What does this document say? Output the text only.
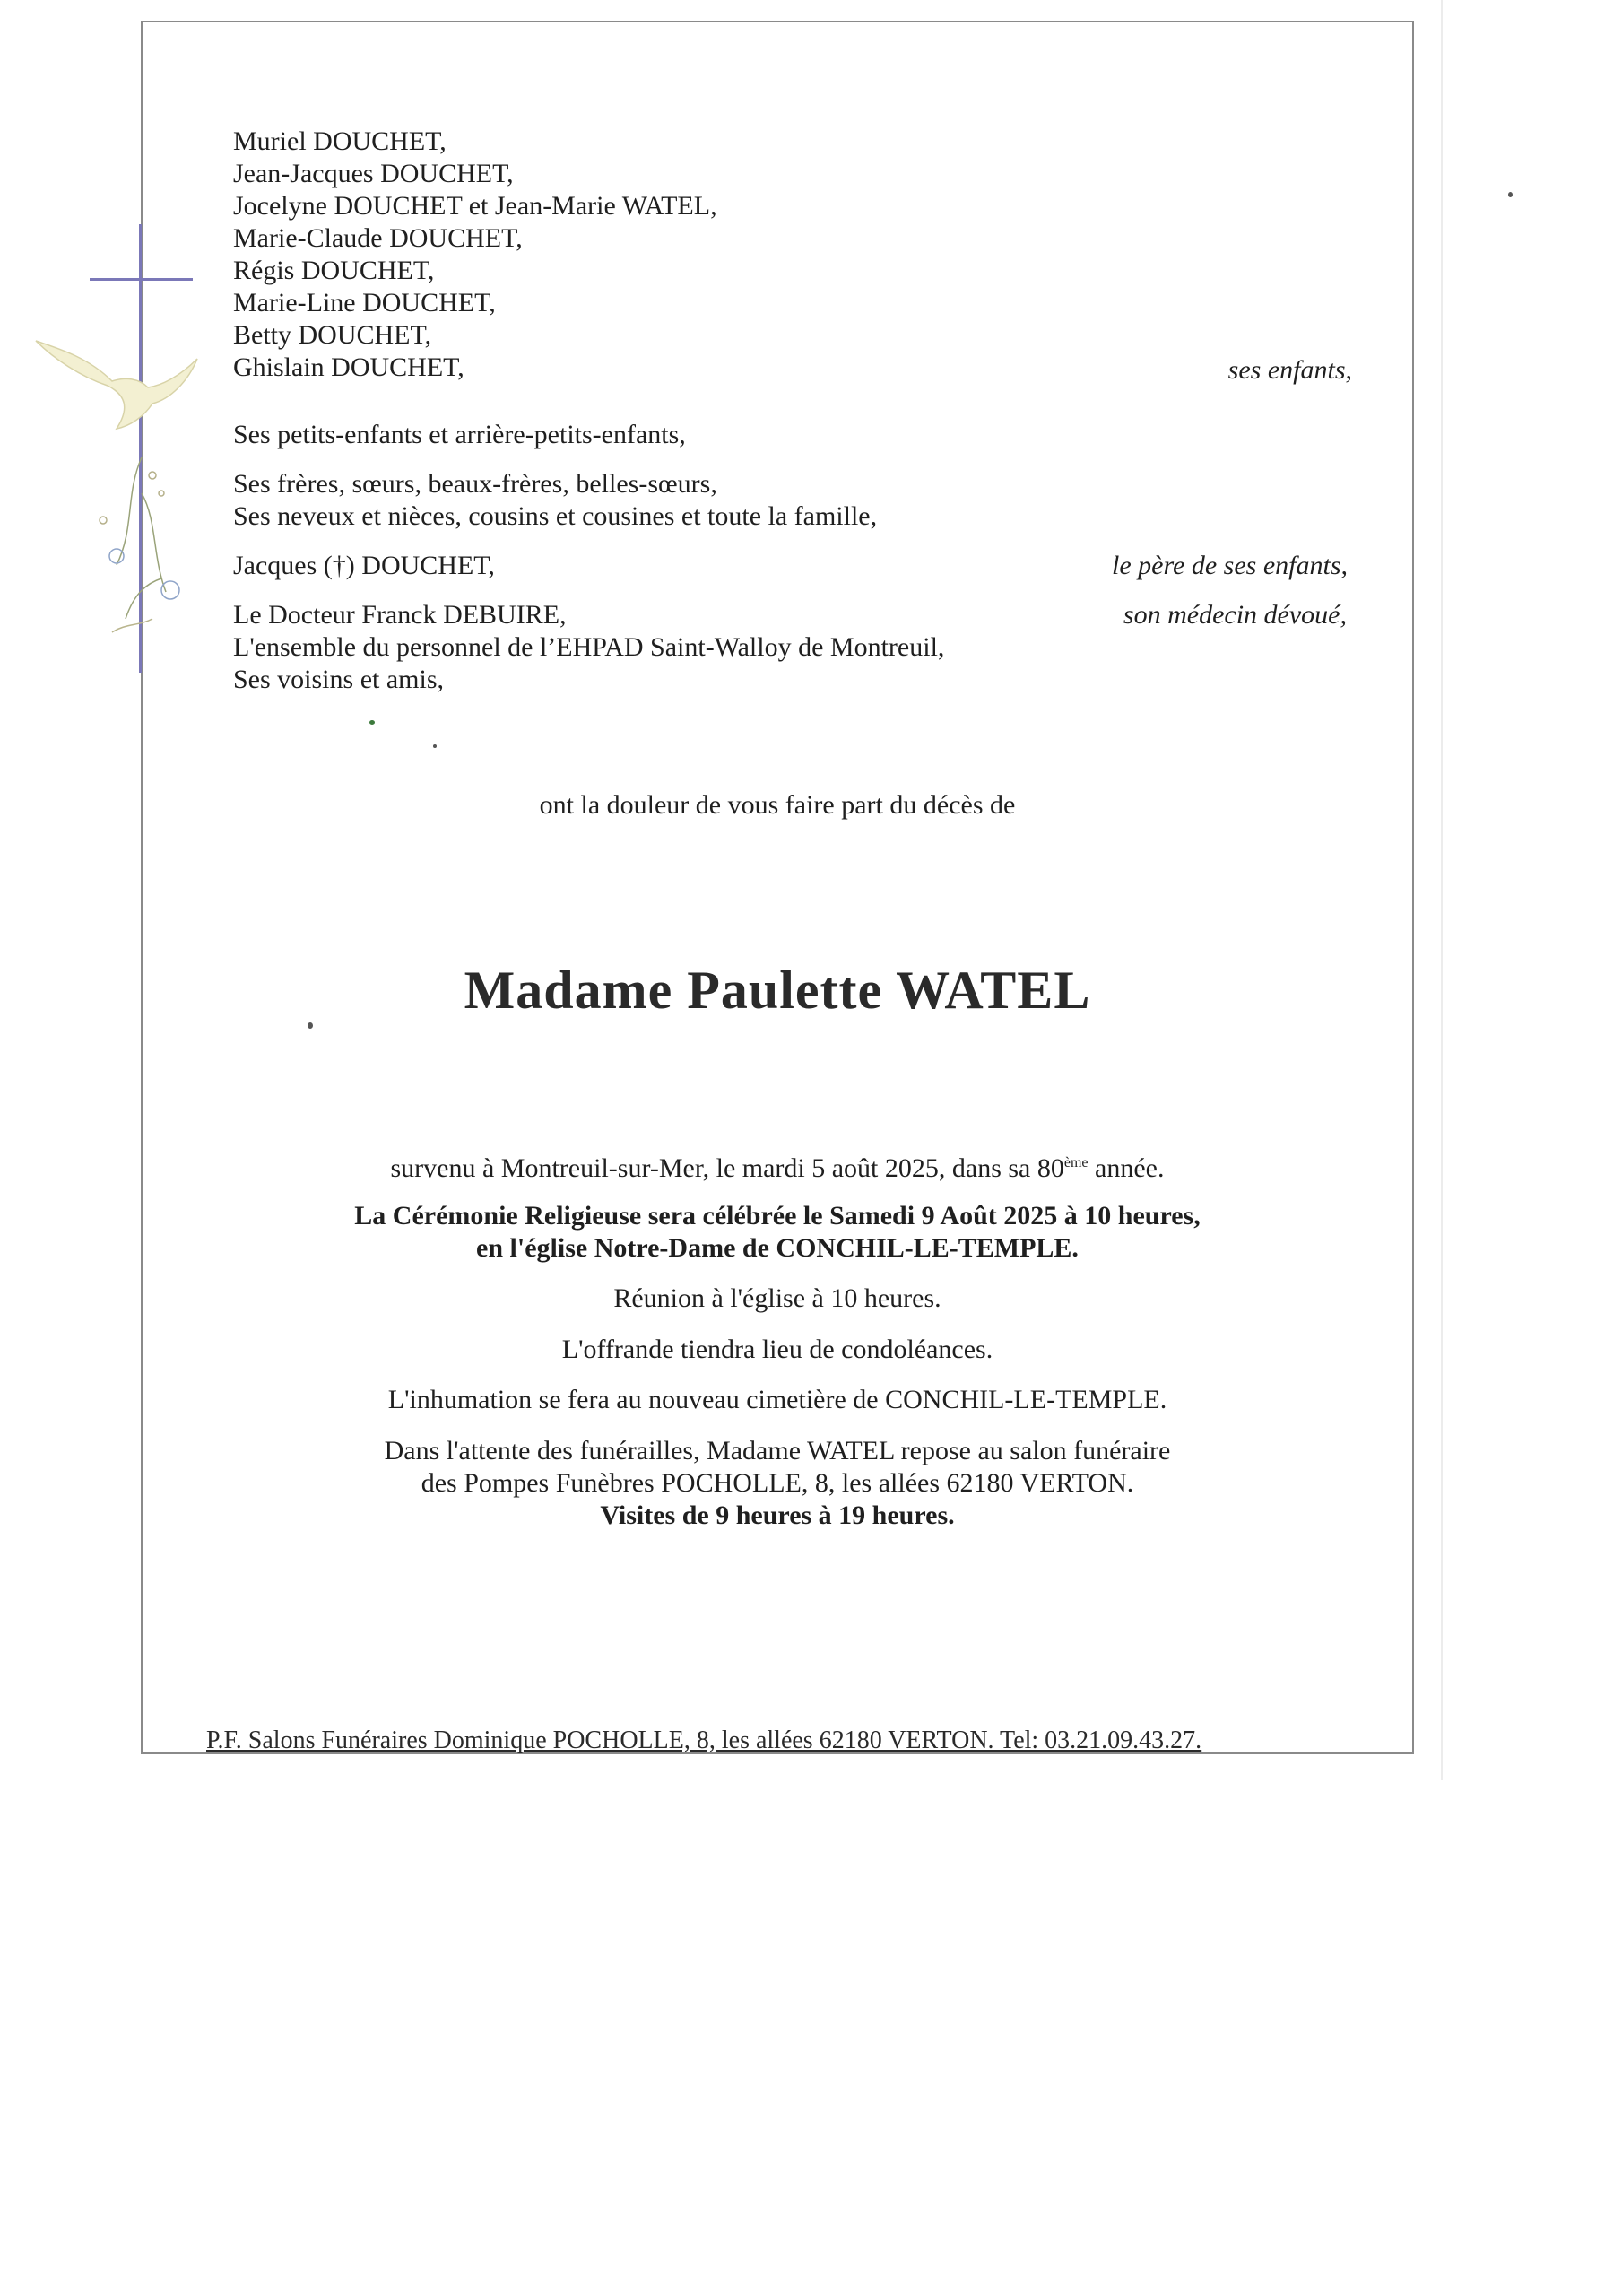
Muriel DOUCHET,
Jean-Jacques DOUCHET,
Jocelyne DOUCHET et Jean-Marie WATEL,
Marie-Claude DOUCHET,
Régis DOUCHET,
Marie-Line DOUCHET,
Betty DOUCHET,
Ghislain DOUCHET,	ses enfants,
Ses petits-enfants et arrière-petits-enfants,
Ses frères, sœurs, beaux-frères, belles-sœurs,
Ses neveux et nièces, cousins et cousines et toute la famille,
Jacques (†) DOUCHET,	le père de ses enfants,
Le Docteur Franck DEBUIRE,	son médecin dévoué,
L'ensemble du personnel de l’EHPAD Saint-Walloy de Montreuil,
Ses voisins et amis,
ont la douleur de vous faire part du décès de
Madame Paulette WATEL
survenu à Montreuil-sur-Mer, le mardi 5 août 2025, dans sa 80ème année.
La Cérémonie Religieuse sera célébrée le Samedi 9 Août 2025 à 10 heures,
en l'église Notre-Dame de CONCHIL-LE-TEMPLE.
Réunion à l'église à 10 heures.
L'offrande tiendra lieu de condoléances.
L'inhumation se fera au nouveau cimetière de CONCHIL-LE-TEMPLE.
Dans l'attente des funérailles, Madame WATEL repose au salon funéraire
des Pompes Funèbres POCHOLLE, 8, les allées 62180 VERTON.
Visites de 9 heures à 19 heures.
P.F. Salons Funéraires Dominique POCHOLLE, 8, les allées 62180 VERTON. Tel: 03.21.09.43.27.
